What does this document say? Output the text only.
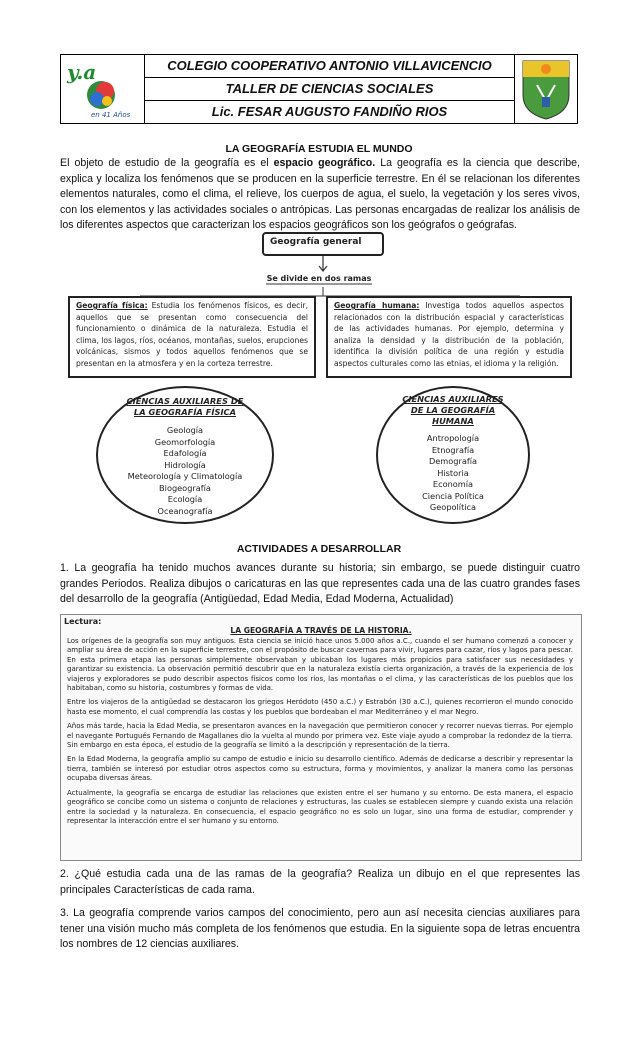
y.a
en 41 Años
COLEGIO COOPERATIVO ANTONIO VILLAVICENCIO
TALLER DE CIENCIAS SOCIALES
Lic. FESAR AUGUSTO FANDIÑO RIOS
LA GEOGRAFÍA ESTUDIA EL MUNDO
El objeto de estudio de la geografía es el espacio geográfico. La geografía es la ciencia que describe, explica y localiza los fenómenos que se producen en la superficie terrestre. En él se relacionan los diferentes elementos naturales, como el clima, el relieve, los cuerpos de agua, el suelo, la vegetación y los seres vivos, con los elementos y las actividades sociales o antrópicas. Las personas encargadas de realizar los análisis de los diferentes aspectos que caracterizan los espacios geográficos son los geógrafos o geógrafas.
Geografía general
Se divide en dos ramas
Geografía física: Estudia los fenómenos físicos, es decir, aquellos que se presentan como consecuencia del funcionamiento o dinámica de la naturaleza. Estudia el clima, los lagos, ríos, océanos, montañas, suelos, erupciones volcánicas, sismos y todos aquellos fenómenos que se presentan en la atmosfera y en la corteza terrestre.
Geografía humana: Investiga todos aquellos aspectos relacionados con la distribución espacial y características de las actividades humanas. Por ejemplo, determina y analiza la densidad y la distribución de la población, identifica la división política de una región y estudia aspectos culturales como las etnias, el idioma y la religión.
CIENCIAS AUXILIARES DE
LA GEOGRAFÍA FÍSICA
Geología
Geomorfología
Edafología
Hidrología
Meteorología y Climatología
Biogeografía
Ecología
Oceanografía
CIENCIAS AUXILIARES
DE LA GEOGRAFÍA
HUMANA
Antropología
Etnografía
Demografía
Historia
Economía
Ciencia Política
Geopolítica
ACTIVIDADES A DESARROLLAR
1. La geografía ha tenido muchos avances durante su historia; sin embargo, se puede distinguir cuatro grandes Periodos. Realiza dibujos o caricaturas en las que representes cada una de las cuatro grandes fases del desarrollo de la geografía (Antigüedad, Edad Media, Edad Moderna, Actualidad)
Lectura:
LA GEOGRAFÍA A TRAVÉS DE LA HISTORIA.
Los orígenes de la geografía son muy antiguos. Esta ciencia se inició hace unos 5.000 años a.C., cuando el ser humano comenzó a conocer y ampliar su área de acción en la superficie terrestre, con el propósito de buscar cavernas para vivir, lugares para cazar, ríos y lagos para pescar. En esta primera etapa las personas simplemente observaban y ubicaban los lugares más propicios para satisfacer sus necesidades y garantizar su existencia. La observación permitió descubrir que en la naturaleza existía cierta organización, a través de la experiencia de los viajeros y exploradores se pudo describir aspectos físicos como los ríos, las montañas o el clima, y las características de los pueblos que los habitaban, como su historia, costumbres y formas de vida.
Entre los viajeros de la antigüedad se destacaron los griegos Heródoto (450 a.C.) y Estrabón (30 a.C.), quienes recorrieron el mundo conocido hasta ese momento, el cual comprendía las costas y los pueblos que bordeaban el mar Mediterráneo y el mar Negro.
Años más tarde, hacia la Edad Media, se presentaron avances en la navegación que permitieron conocer y recorrer nuevas tierras. Por ejemplo el navegante Portugués Fernando de Magallanes dio la vuelta al mundo por primera vez. Este viaje ayudo a comprobar la redondez de la tierra. Sin embargo en esta época, el estudio de la geografía se limitó a la descripción y representación de la tierra.
En la Edad Moderna, la geografía amplio su campo de estudio e inicio su desarrollo científico. Además de dedicarse a describir y representar la tierra, también se interesó por estudiar otros aspectos como su estructura, forma y movimientos, y analizar la manera como las personas ocupaba diversas áreas.
Actualmente, la geografía se encarga de estudiar las relaciones que existen entre el ser humano y su entorno. De esta manera, el espacio geográfico se concibe como un sistema o conjunto de relaciones y estructuras, las cuales se establecen siempre y cuando exista una relación entre la sociedad y la naturaleza. En consecuencia, el espacio geográfico no es solo un lugar, sino una forma de estudiar, comprender y representar la interacción entre el ser humano y su entorno.
2. ¿Qué estudia cada una de las ramas de la geografía? Realiza un dibujo en el que representes las principales Características de cada rama.
3. La geografía comprende varios campos del conocimiento, pero aun así necesita ciencias auxiliares para tener una visión mucho más completa de los fenómenos que estudia. En la siguiente sopa de letras encuentra los nombres de 12 ciencias auxiliares.
